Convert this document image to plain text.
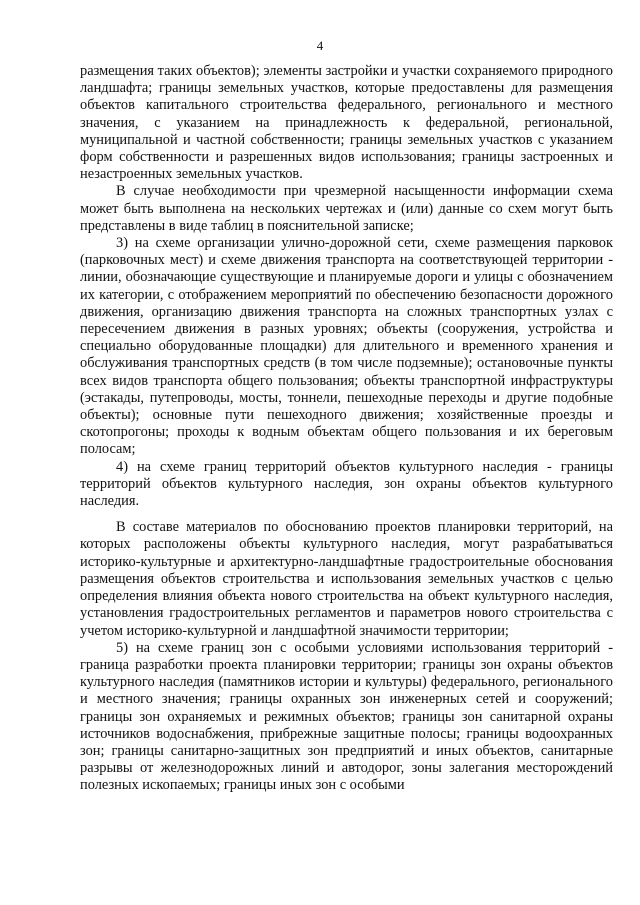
4

размещения таких объектов); элементы застройки и участки сохраняемого природного ландшафта; границы земельных участков, которые предоставлены для размещения объектов капитального строительства федерального, регионального и местного значения, с указанием на принадлежность к федеральной, региональной, муниципальной и частной собственности; границы земельных участков с указанием форм собственности и разрешенных видов использования; границы застроенных и незастроенных земельных участков.

В случае необходимости при чрезмерной насыщенности информации схема может быть выполнена на нескольких чертежах и (или) данные со схем могут быть представлены в виде таблиц в пояснительной записке;

3) на схеме организации улично-дорожной сети, схеме размещения парковок (парковочных мест) и схеме движения транспорта на соответствующей территории - линии, обозначающие существующие и планируемые дороги и улицы с обозначением их категории, с отображением мероприятий по обеспечению безопасности дорожного движения, организацию движения транспорта на сложных транспортных узлах с пересечением движения в разных уровнях; объекты (сооружения, устройства и специально оборудованные площадки) для длительного и временного хранения и обслуживания транспортных средств (в том числе подземные); остановочные пункты всех видов транспорта общего пользования; объекты транспортной инфраструктуры (эстакады, путепроводы, мосты, тоннели, пешеходные переходы и другие подобные объекты); основные пути пешеходного движения; хозяйственные проезды и скотопрогоны; проходы к водным объектам общего пользования и их береговым полосам;

4) на схеме границ территорий объектов культурного наследия - границы территорий объектов культурного наследия, зон охраны объектов культурного наследия.

В составе материалов по обоснованию проектов планировки территорий, на которых расположены объекты культурного наследия, могут разрабатываться историко-культурные и архитектурно-ландшафтные градостроительные обоснования размещения объектов строительства и использования земельных участков с целью определения влияния объекта нового строительства на объект культурного наследия, установления градостроительных регламентов и параметров нового строительства с учетом историко-культурной и ландшафтной значимости территории;

5) на схеме границ зон с особыми условиями использования территорий - граница разработки проекта планировки территории; границы зон охраны объектов культурного наследия (памятников истории и культуры) федерального, регионального и местного значения; границы охранных зон инженерных сетей и сооружений; границы зон охраняемых и режимных объектов; границы зон санитарной охраны источников водоснабжения, прибрежные защитные полосы; границы водоохранных зон; границы санитарно-защитных зон предприятий и иных объектов, санитарные разрывы от железнодорожных линий и автодорог, зоны залегания месторождений полезных ископаемых; границы иных зон с особыми
